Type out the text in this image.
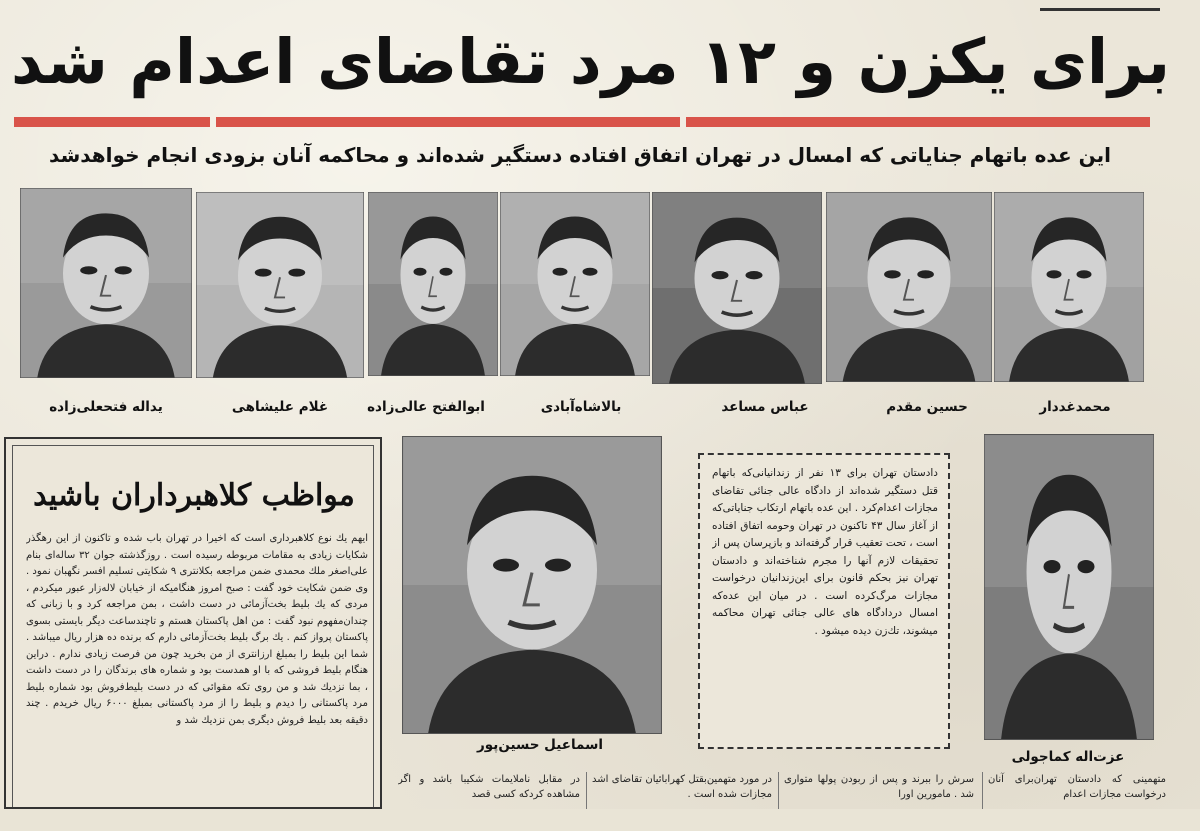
برای یکزن و ۱۲ مرد تقاضای اعدام شد
این عده باتهام جنایاتی که امسال در تهران اتفاق افتاده دستگیر شده‌اند و محاکمه آنان بزودی انجام خواهدشد
یداله فتحعلی‌زاده	غلام علیشاهی	ابوالفتح عالی‌زاده	بالاشاه‌آبادی	عباس مساعد	حسین مقدم	محمدغددار
مواظب کلاهبرداران باشید

ایهم یك نوع کلاهبرداری است که اخیرا در تهران باب شده و تاکنون از این رهگذر شکایات زیادی به مقامات مربوطه رسیده است . روزگذشته جوان ۳۲ ساله‌ای بنام علی‌اصغر ملك محمدی ضمن مراجعه بکلانتری ۹ شکایتی تسلیم افسر نگهبان نمود . وی ضمن شکایت خود گفت : صبح امروز هنگامیکه از خیابان لاله‌زار عبور میکردم ، مردی که یك بلیط بخت‌آزمائی در دست داشت ، بمن مراجعه کرد و با زبانی که چندان‌مفهوم نبود گفت : من اهل پاکستان هستم و تاچندساعت دیگر بایستی بسوی پاکستان پرواز کنم . یك برگ بلیط بخت‌آزمائی دارم که برنده ده هزار ریال میباشد . شما این بلیط را بمبلغ ارزانتری از من بخرید چون من فرصت زیادی ندارم . دراین هنگام بلیط فروشی که با او همدست بود و شماره های برندگان را در دست داشت ، بما نزدیك شد و من روی تکه مقوائی که در دست بلیط‌فروش بود شماره بلیط مرد پاکستانی را دیدم و بلیط را از مرد پاکستانی بمبلغ ۶۰۰۰ ریال خریدم . چند دقیقه بعد بلیط فروش دیگری بمن نزدیك شد و

اسماعیل حسین‌پور

دادستان تهران برای ۱۳ نفر از زندانیانی‌که باتهام قتل دستگیر شده‌اند از دادگاه عالی جنائی تقاضای مجازات اعدام‌کرد . این عده باتهام ارتکاب جنایاتی‌که از آغاز سال ۴۳ تاکنون در تهران وحومه اتفاق افتاده است ، تحت تعقیب قرار گرفته‌اند و بازپرسان پس از تحقیقات لازم آنها را مجرم شناخته‌اند و دادستان تهران نیز بحکم قانون برای این‌زندانیان درخواست مجازات مرگ‌کرده است . در میان این عده‌که امسال دردادگاه های عالی جنائی تهران محاکمه میشوند، تك‌زن دیده میشود .

عزت‌اله کماجولی
متهمینی که دادستان تهران‌برای آنان درخواست مجازات اعدام
سرش را ببرند و پس از ربودن پولها متواری شد . مامورین اورا
در مورد متهمین‌بقتل کهرابائیان تقاضای اشد مجازات شده است .
در مقابل ناملایمات شکیبا باشد و اگر مشاهده کردکه کسی قصد
